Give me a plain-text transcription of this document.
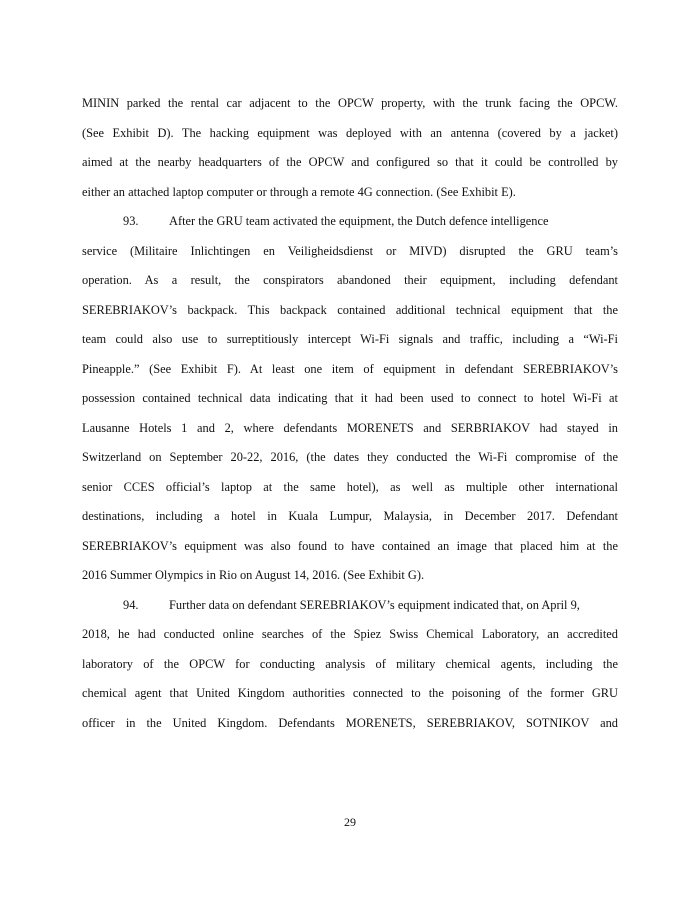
MININ parked the rental car adjacent to the OPCW property, with the trunk facing the OPCW.
(See Exhibit D). The hacking equipment was deployed with an antenna (covered by a jacket)
aimed at the nearby headquarters of the OPCW and configured so that it could be controlled by
either an attached laptop computer or through a remote 4G connection. (See Exhibit E).
93. After the GRU team activated the equipment, the Dutch defence intelligence
service (Militaire Inlichtingen en Veiligheidsdienst or MIVD) disrupted the GRU team’s
operation. As a result, the conspirators abandoned their equipment, including defendant
SEREBRIAKOV’s backpack. This backpack contained additional technical equipment that the
team could also use to surreptitiously intercept Wi-Fi signals and traffic, including a “Wi-Fi
Pineapple.” (See Exhibit F). At least one item of equipment in defendant SEREBRIAKOV’s
possession contained technical data indicating that it had been used to connect to hotel Wi-Fi at
Lausanne Hotels 1 and 2, where defendants MORENETS and SERBRIAKOV had stayed in
Switzerland on September 20-22, 2016, (the dates they conducted the Wi-Fi compromise of the
senior CCES official’s laptop at the same hotel), as well as multiple other international
destinations, including a hotel in Kuala Lumpur, Malaysia, in December 2017. Defendant
SEREBRIAKOV’s equipment was also found to have contained an image that placed him at the
2016 Summer Olympics in Rio on August 14, 2016. (See Exhibit G).
94. Further data on defendant SEREBRIAKOV’s equipment indicated that, on April 9,
2018, he had conducted online searches of the Spiez Swiss Chemical Laboratory, an accredited
laboratory of the OPCW for conducting analysis of military chemical agents, including the
chemical agent that United Kingdom authorities connected to the poisoning of the former GRU
officer in the United Kingdom. Defendants MORENETS, SEREBRIAKOV, SOTNIKOV and
29
